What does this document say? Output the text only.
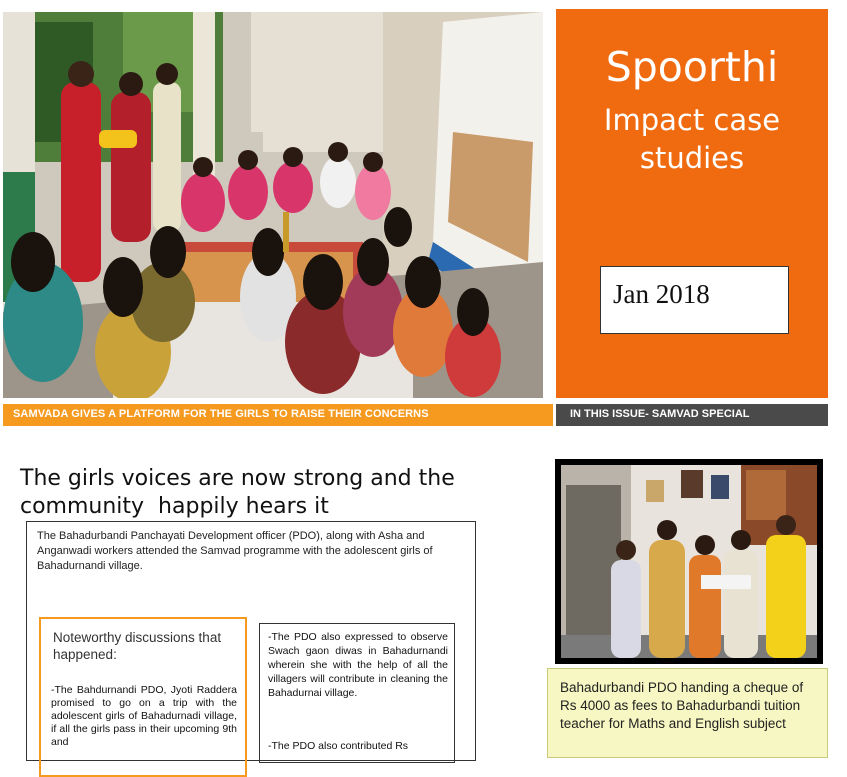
Spoorthi
Impact case
studies
Jan 2018
SAMVADA GIVES A PLATFORM FOR THE GIRLS TO RAISE THEIR CONCERNS	IN THIS ISSUE- SAMVAD SPECIAL
The girls voices are now strong and the
community  happily hears it
The Bahadurbandi Panchayati Development officer (PDO), along with Asha and Anganwadi workers attended the Samvad programme with the adolescent girls of Bahadurnandi village.
Noteworthy discussions that happened:
-The Bahdurnandi PDO, Jyoti Raddera promised to go on a trip with the adolescent girls of Bahadurnadi village, if all the girls pass in their upcoming 9th and
-The PDO also expressed to observe Swach gaon diwas in Bahadurnandi wherein she with the help of all the villagers will contribute in cleaning the Bahadurnai village.
-The PDO also contributed Rs
Bahadurbandi PDO handing a cheque of Rs 4000 as fees to Bahadurbandi tuition teacher for Maths and English subject
